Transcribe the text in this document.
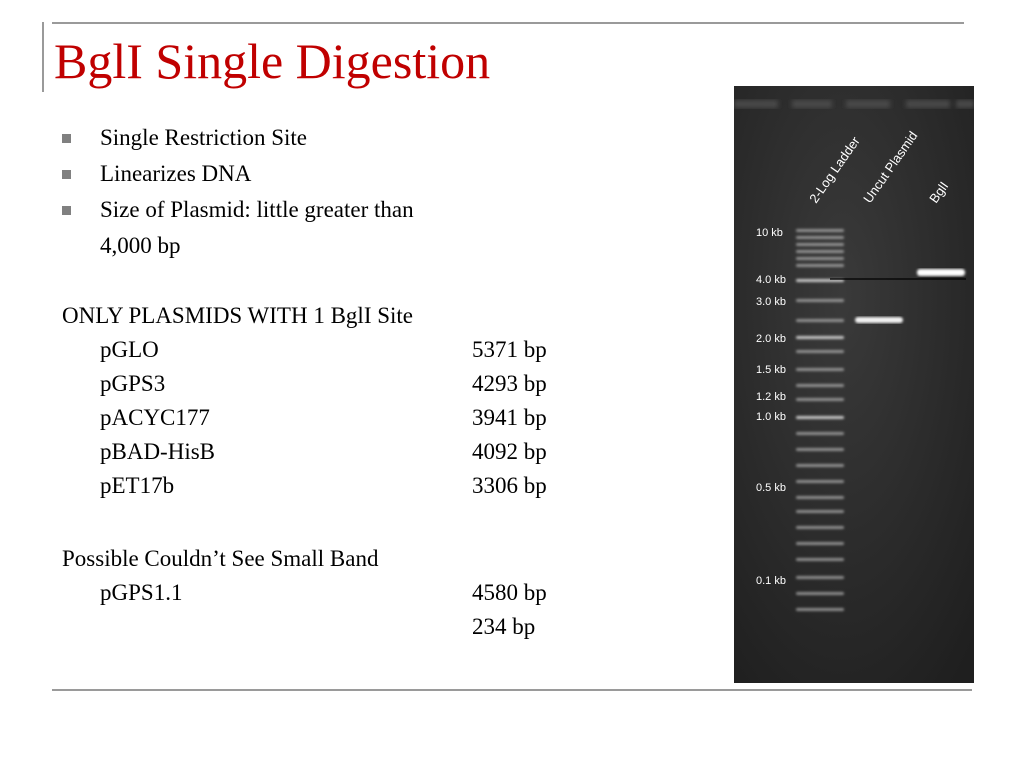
BglI Single Digestion
Single Restriction Site
Linearizes DNA
Size of Plasmid: little greater than
4,000 bp
ONLY PLASMIDS WITH 1 BglI Site
pGLO	5371 bp
pGPS3	4293 bp
pACYC177	3941 bp
pBAD-HisB	4092 bp
pET17b	3306 bp
Possible Couldn’t See Small Band
pGPS1.1	4580 bp
234 bp
2-Log Ladder
Uncut Plasmid BglI
10 kb
4.0 kb
3.0 kb
2.0 kb
1.5 kb
1.2 kb
1.0 kb
0.5 kb
0.1 kb
